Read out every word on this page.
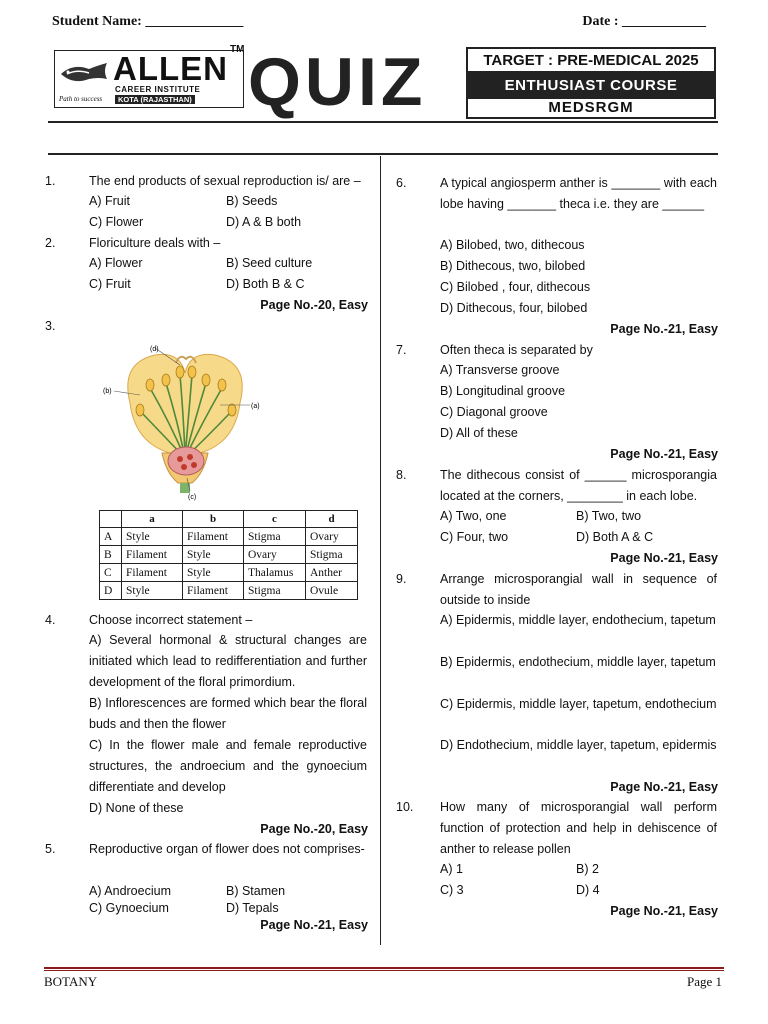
Student Name: ______________	Date : ____________
ALLEN
CAREER INSTITUTE
KOTA (RAJASTHAN)
Path to success
TM QUIZ	TARGET : PRE-MEDICAL 2025
ENTHUSIAST COURSE
MEDSRGM
1.	The end products of sexual reproduction is/ are –
A) Fruit	B) Seeds
C) Flower	D) A & B both
2.	Floriculture deals with –
A) Flower	B) Seed culture
C) Fruit	D) Both B & C
Page No.-20, Easy
3.
(d)
(b)
(a)
(c)
	a	b	c	d
A	Style	Filament	Stigma	Ovary
B	Filament	Style	Ovary	Stigma
C	Filament	Style	Thalamus	Anther
D	Style	Filament	Stigma	Ovule
4.	Choose incorrect statement –
A) Several hormonal & structural changes are initiated which lead to redifferentiation and further development of the floral primordium.
B) Inflorescences are formed which bear the floral buds and then the flower
C) In the flower male and female reproductive structures, the androecium and the gynoecium differentiate and develop
D) None of these
Page No.-20, Easy
5.	Reproductive organ of flower does not comprises-
A) Androecium	B) Stamen
C) Gynoecium	D) Tepals
Page No.-21, Easy
6.	A typical angiosperm anther is _______ with each lobe having _______ theca i.e. they are ______
A) Bilobed, two, dithecous
B) Dithecous, two, bilobed
C) Bilobed , four, dithecous
D) Dithecous, four, bilobed
Page No.-21, Easy
7.	Often theca is separated by
A) Transverse groove
B) Longitudinal groove
C) Diagonal groove
D) All of these
Page No.-21, Easy
8.	The dithecous consist of ______ microsporangia located at the corners, ________ in each lobe.
A) Two, one	B) Two, two
C) Four, two	D) Both A & C
Page No.-21, Easy
9.	Arrange microsporangial wall in sequence of outside to inside
A) Epidermis, middle layer, endothecium, tapetum
B) Epidermis, endothecium, middle layer, tapetum
C) Epidermis, middle layer, tapetum, endothecium
D) Endothecium, middle layer, tapetum, epidermis
Page No.-21, Easy
10. How many of microsporangial wall perform function of protection and help in dehiscence of anther to release pollen
A) 1	B) 2
C) 3	D) 4
Page No.-21, Easy
BOTANY	Page 1
